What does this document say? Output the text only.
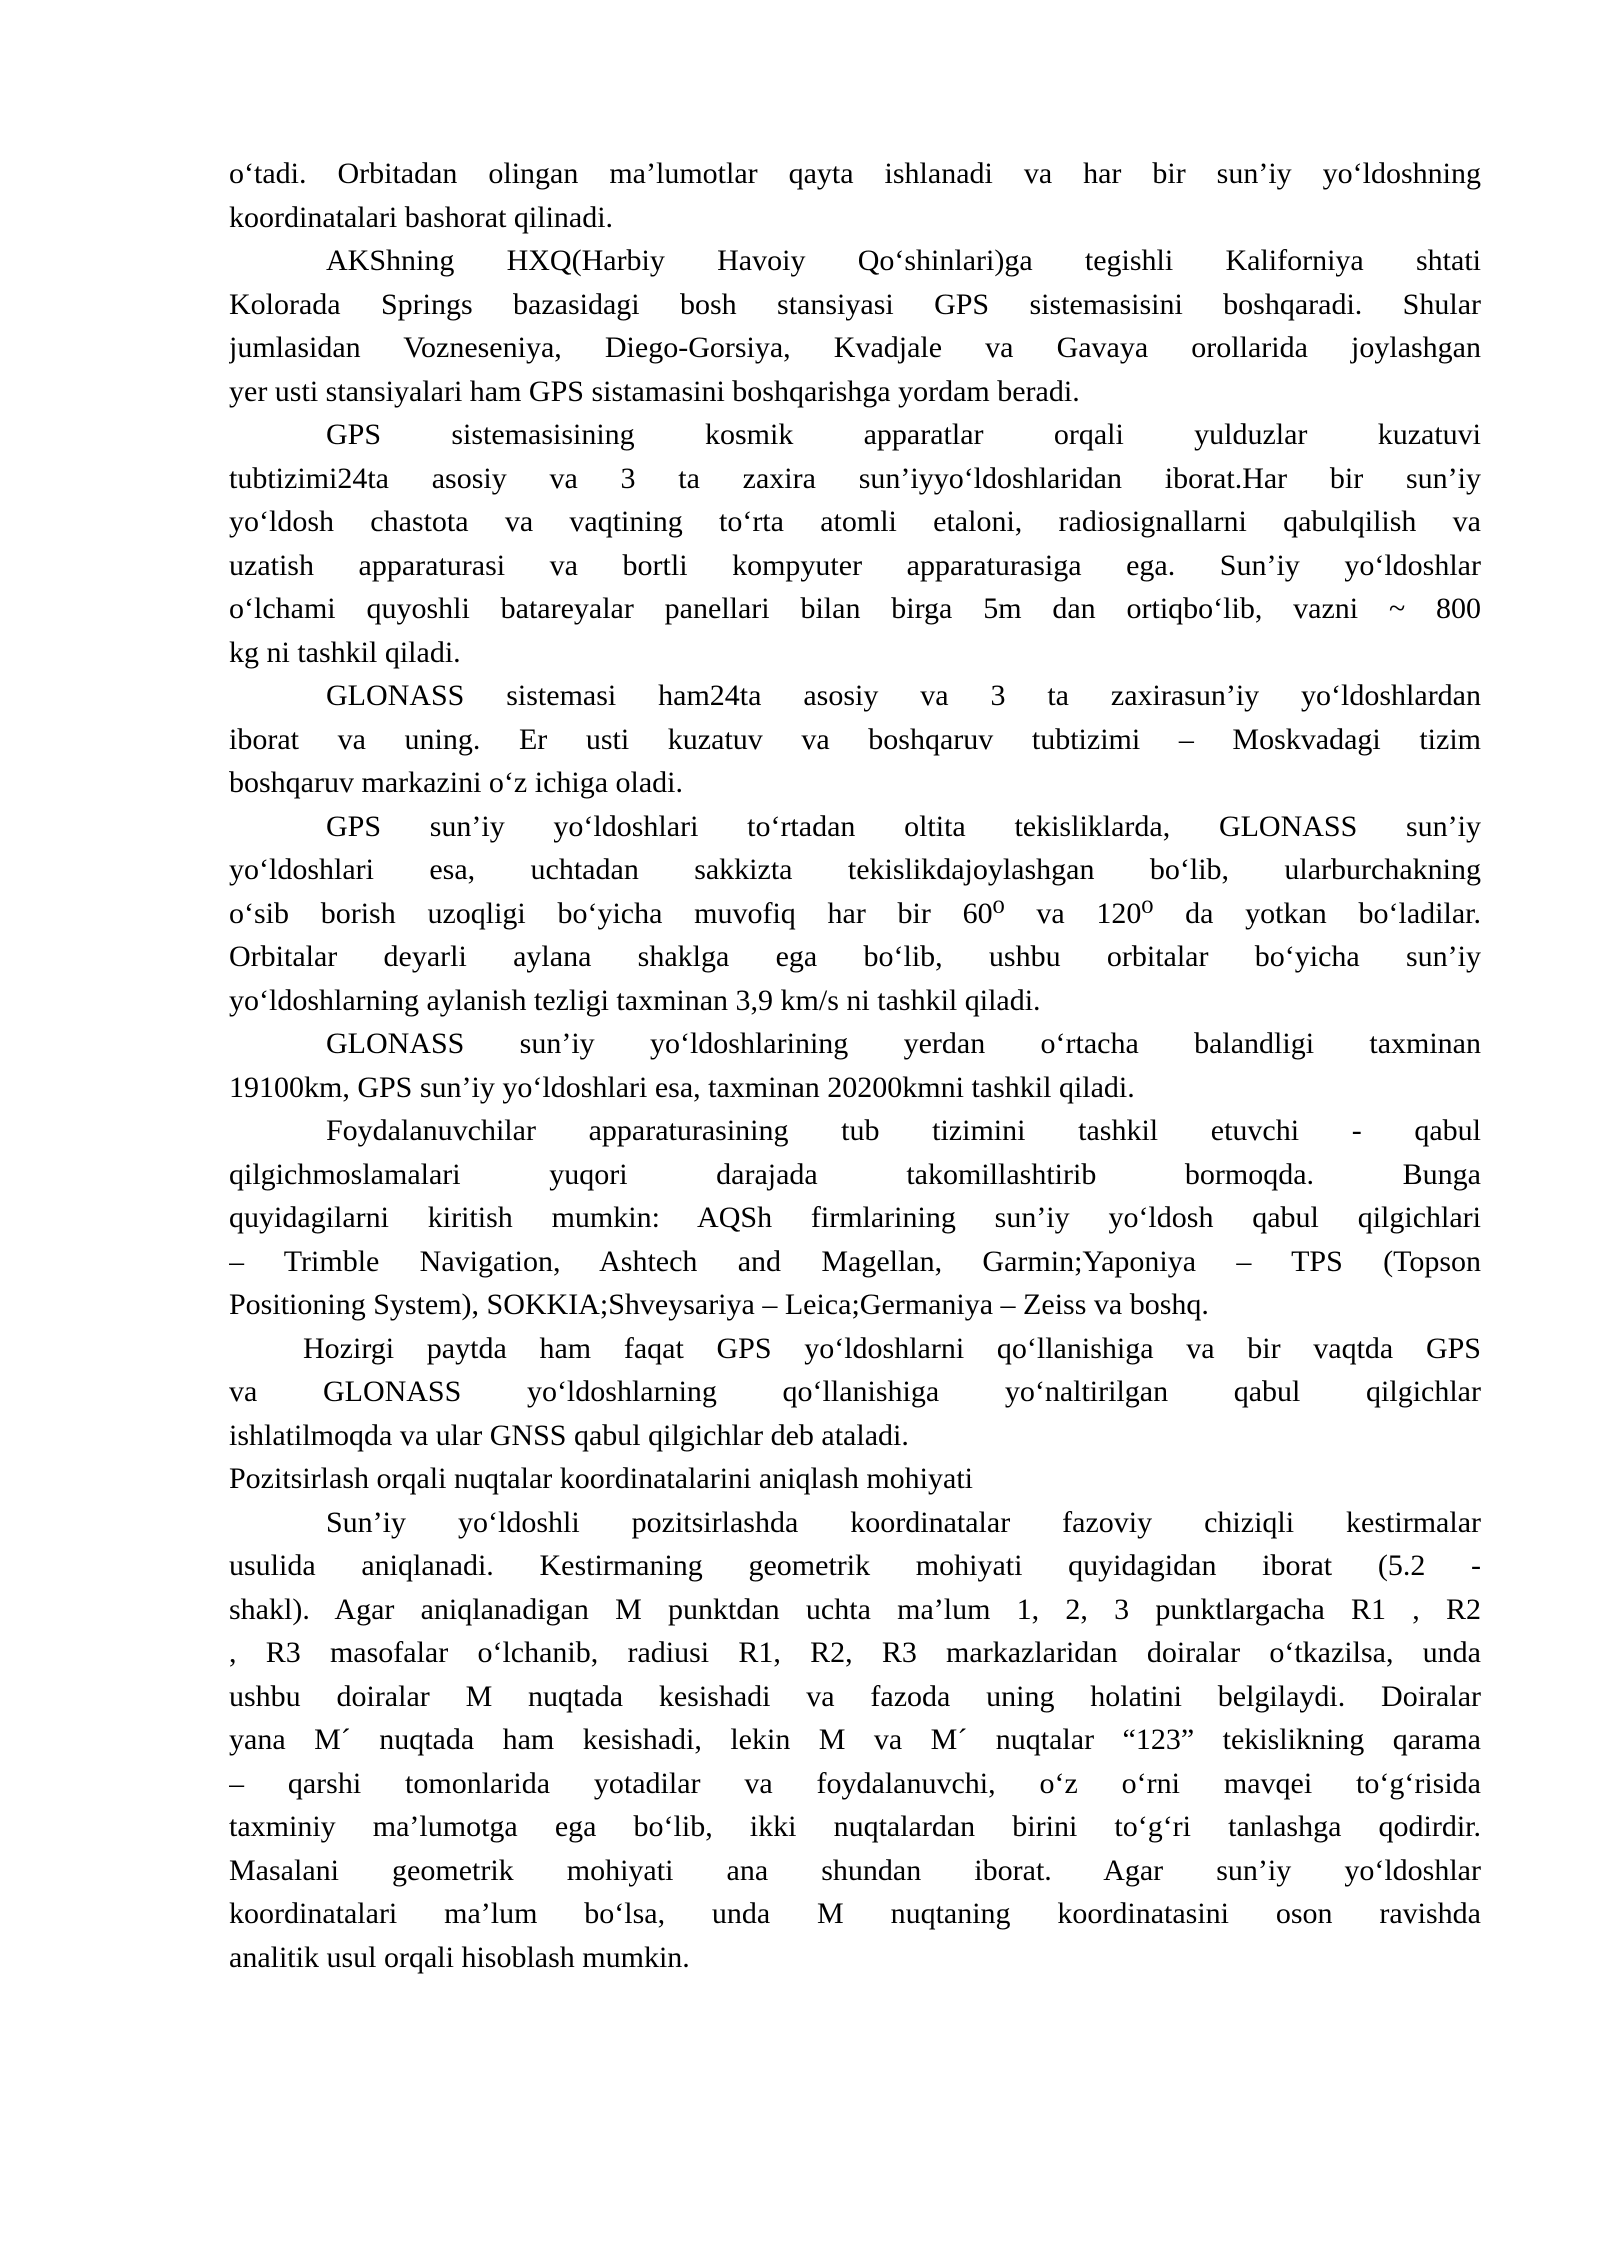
o‘tadi. Orbitadan olingan ma’lumotlar qayta ishlanadi va har bir sun’iy yo‘ldoshning
koordinatalari bashorat qilinadi.
AKShning HXQ(Harbiy Havoiy Qo‘shinlari)ga tegishli Kaliforniya shtati
Kolorada Springs bazasidagi bosh stansiyasi GPS sistemasisini boshqaradi. Shular
jumlasidan Vozneseniya, Diego-Gorsiya, Kvadjale va Gavaya orollarida joylashgan
yer usti stansiyalari ham GPS sistamasini boshqarishga yordam beradi.
GPS sistemasisining kosmik apparatlar orqali yulduzlar kuzatuvi
tubtizimi24ta asosiy va 3 ta zaxira sun’iyyo‘ldoshlaridan iborat.Har bir sun’iy
yo‘ldosh chastota va vaqtining to‘rta atomli etaloni, radiosignallarni qabulqilish va
uzatish apparaturasi va bortli kompyuter apparaturasiga ega. Sun’iy yo‘ldoshlar
o‘lchami quyoshli batareyalar panellari bilan birga 5m dan ortiqbo‘lib, vazni ~ 800
kg ni tashkil qiladi.
GLONASS sistemasi ham24ta asosiy va 3 ta zaxirasun’iy yo‘ldoshlardan
iborat va uning. Er usti kuzatuv va boshqaruv tubtizimi – Moskvadagi tizim
boshqaruv markazini o‘z ichiga oladi.
GPS sun’iy yo‘ldoshlari to‘rtadan oltita tekisliklarda, GLONASS sun’iy
yo‘ldoshlari esa, uchtadan sakkizta tekislikdajoylashgan bo‘lib, ularburchakning
o‘sib borish uzoqligi bo‘yicha muvofiq har bir 60⁰ va 120⁰ da yotkan bo‘ladilar.
Orbitalar deyarli aylana shaklga ega bo‘lib, ushbu orbitalar bo‘yicha sun’iy
yo‘ldoshlarning aylanish tezligi taxminan 3,9 km/s ni tashkil qiladi.
GLONASS sun’iy yo‘ldoshlarining yerdan o‘rtacha balandligi taxminan
19100km, GPS sun’iy yo‘ldoshlari esa, taxminan 20200kmni tashkil qiladi.
Foydalanuvchilar apparaturasining tub tizimini tashkil etuvchi - qabul
qilgichmoslamalari yuqori darajada takomillashtirib bormoqda. Bunga
quyidagilarni kiritish mumkin: AQSh firmlarining sun’iy yo‘ldosh qabul qilgichlari
– Trimble Navigation, Ashtech and Magellan, Garmin;Yaponiya – TPS (Topson
Positioning System), SOKKIA;Shveysariya – Leica;Germaniya – Zeiss va boshq.
Hozirgi paytda ham faqat GPS yo‘ldoshlarni qo‘llanishiga va bir vaqtda GPS
va GLONASS yo‘ldoshlarning qo‘llanishiga yo‘naltirilgan qabul qilgichlar
ishlatilmoqda va ular GNSS qabul qilgichlar deb ataladi.
Pozitsirlash orqali nuqtalar koordinatalarini aniqlash mohiyati
Sun’iy yo‘ldoshli pozitsirlashda koordinatalar fazoviy chiziqli kestirmalar
usulida aniqlanadi. Kestirmaning geometrik mohiyati quyidagidan iborat (5.2 -
shakl). Agar aniqlanadigan M punktdan uchta ma’lum 1, 2, 3 punktlargacha R1 , R2
, R3 masofalar o‘lchanib, radiusi R1, R2, R3 markazlaridan doiralar o‘tkazilsa, unda
ushbu doiralar M nuqtada kesishadi va fazoda uning holatini belgilaydi. Doiralar
yana M´ nuqtada ham kesishadi, lekin M va M´ nuqtalar “123” tekislikning qarama
– qarshi tomonlarida yotadilar va foydalanuvchi, o‘z o‘rni mavqei to‘g‘risida
taxminiy ma’lumotga ega bo‘lib, ikki nuqtalardan birini to‘g‘ri tanlashga qodirdir.
Masalani geometrik mohiyati ana shundan iborat. Agar sun’iy yo‘ldoshlar
koordinatalari ma’lum bo‘lsa, unda M nuqtaning koordinatasini oson ravishda
analitik usul orqali hisoblash mumkin.
